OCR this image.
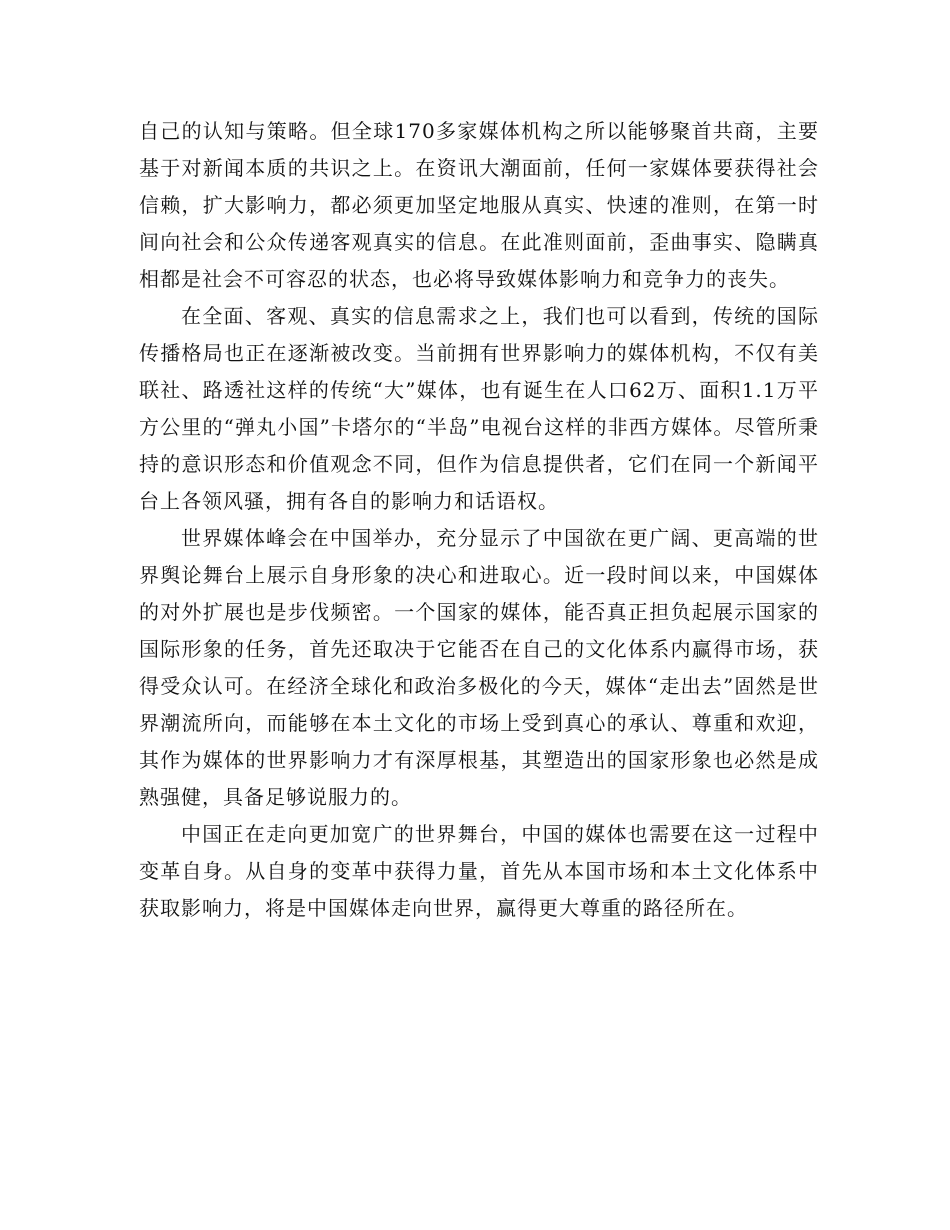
自己的认知与策略。但全球170多家媒体机构之所以能够聚首共商，主要基于对新闻本质的共识之上。在资讯大潮面前，任何一家媒体要获得社会信赖，扩大影响力，都必须更加坚定地服从真实、快速的准则，在第一时间向社会和公众传递客观真实的信息。在此准则面前，歪曲事实、隐瞒真相都是社会不可容忍的状态，也必将导致媒体影响力和竞争力的丧失。

在全面、客观、真实的信息需求之上，我们也可以看到，传统的国际传播格局也正在逐渐被改变。当前拥有世界影响力的媒体机构，不仅有美联社、路透社这样的传统“大”媒体，也有诞生在人口62万、面积1.1万平方公里的“弹丸小国”卡塔尔的“半岛”电视台这样的非西方媒体。尽管所秉持的意识形态和价值观念不同，但作为信息提供者，它们在同一个新闻平台上各领风骚，拥有各自的影响力和话语权。

世界媒体峰会在中国举办，充分显示了中国欲在更广阔、更高端的世界舆论舞台上展示自身形象的决心和进取心。近一段时间以来，中国媒体的对外扩展也是步伐频密。一个国家的媒体，能否真正担负起展示国家的国际形象的任务，首先还取决于它能否在自己的文化体系内赢得市场，获得受众认可。在经济全球化和政治多极化的今天，媒体“走出去”固然是世界潮流所向，而能够在本土文化的市场上受到真心的承认、尊重和欢迎，其作为媒体的世界影响力才有深厚根基，其塑造出的国家形象也必然是成熟强健，具备足够说服力的。

中国正在走向更加宽广的世界舞台，中国的媒体也需要在这一过程中变革自身。从自身的变革中获得力量，首先从本国市场和本土文化体系中获取影响力，将是中国媒体走向世界，赢得更大尊重的路径所在。
